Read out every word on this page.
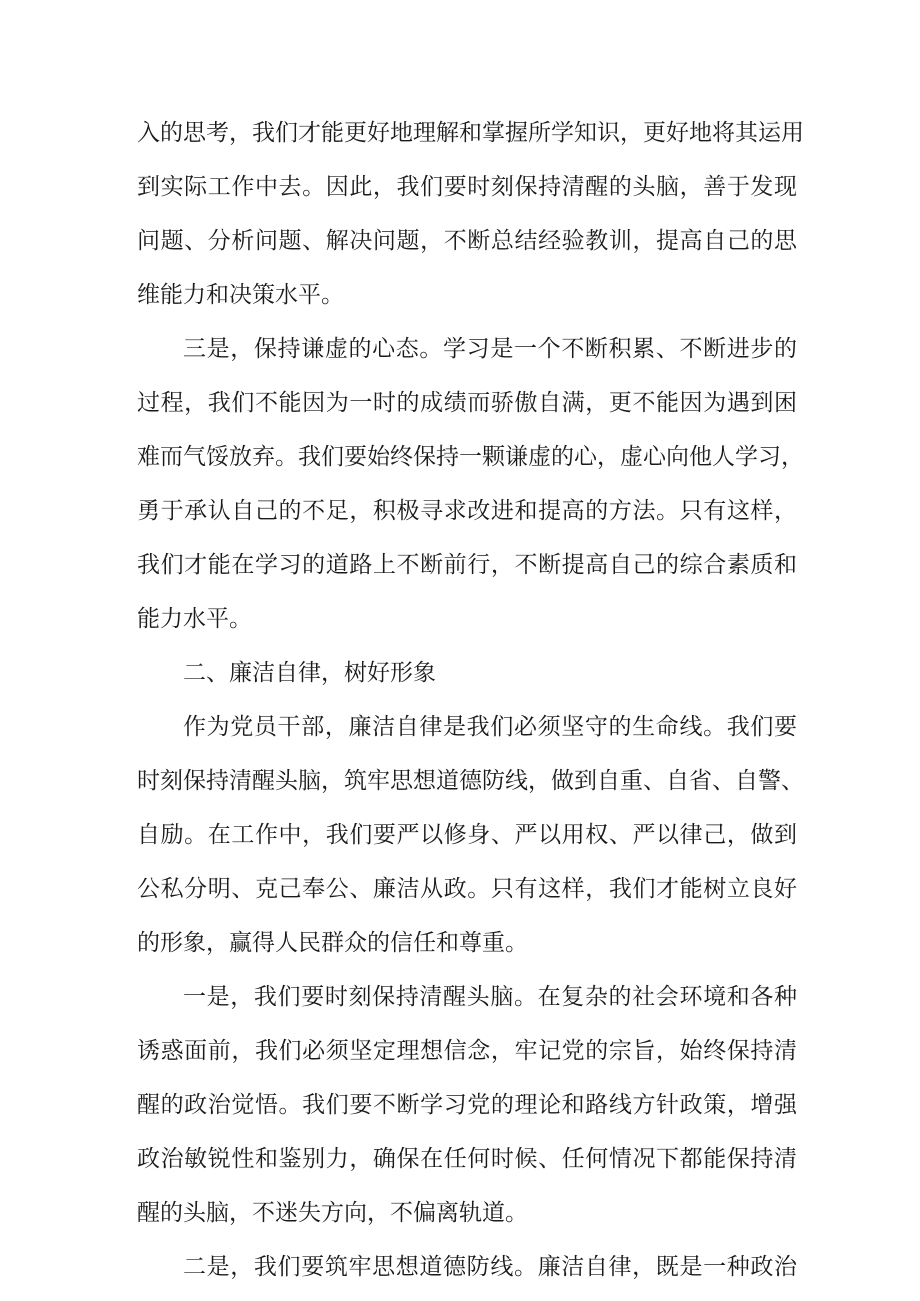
入的思考，我们才能更好地理解和掌握所学知识，更好地将其运用
到实际工作中去。因此，我们要时刻保持清醒的头脑，善于发现
问题、分析问题、解决问题，不断总结经验教训，提高自己的思
维能力和决策水平。
三是，保持谦虚的心态。学习是一个不断积累、不断进步的
过程，我们不能因为一时的成绩而骄傲自满，更不能因为遇到困
难而气馁放弃。我们要始终保持一颗谦虚的心，虚心向他人学习，
勇于承认自己的不足，积极寻求改进和提高的方法。只有这样，
我们才能在学习的道路上不断前行，不断提高自己的综合素质和
能力水平。
二、廉洁自律，树好形象
作为党员干部，廉洁自律是我们必须坚守的生命线。我们要
时刻保持清醒头脑，筑牢思想道德防线，做到自重、自省、自警、
自励。在工作中，我们要严以修身、严以用权、严以律己，做到
公私分明、克己奉公、廉洁从政。只有这样，我们才能树立良好
的形象，赢得人民群众的信任和尊重。
一是，我们要时刻保持清醒头脑。在复杂的社会环境和各种
诱惑面前，我们必须坚定理想信念，牢记党的宗旨，始终保持清
醒的政治觉悟。我们要不断学习党的理论和路线方针政策，增强
政治敏锐性和鉴别力，确保在任何时候、任何情况下都能保持清
醒的头脑，不迷失方向，不偏离轨道。
二是，我们要筑牢思想道德防线。廉洁自律，既是一种政治
